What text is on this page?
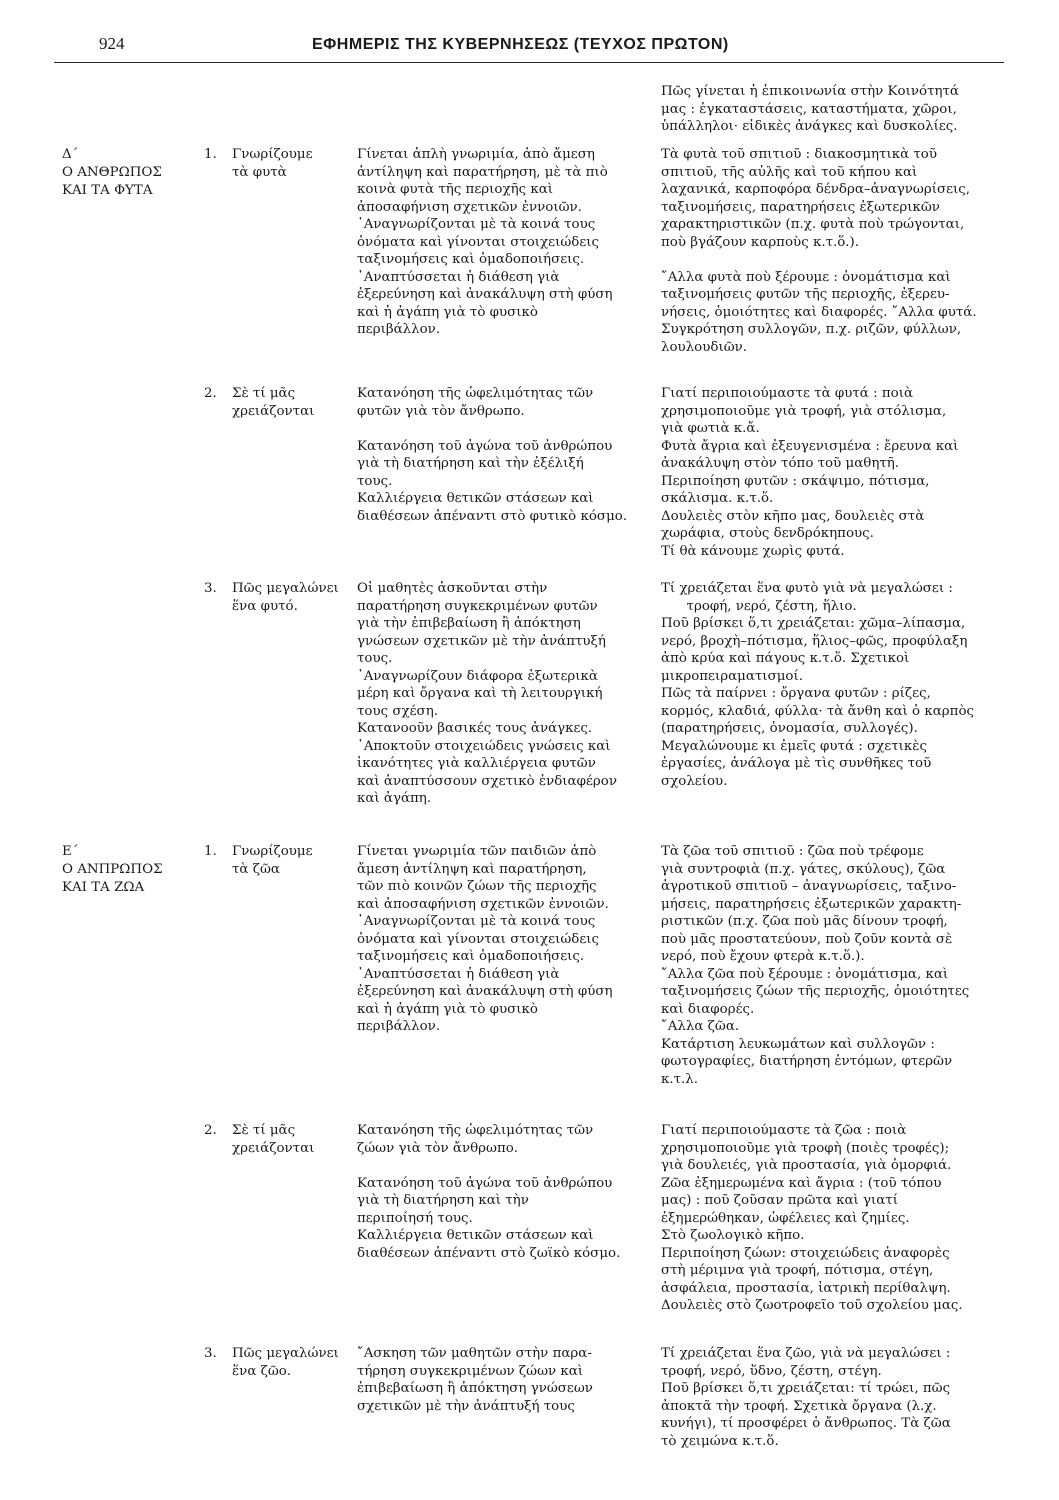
924	ΕΦΗΜΕΡΙΣ ΤΗΣ ΚΥΒΕΡΝΗΣΕΩΣ (ΤΕΥΧΟΣ ΠΡΩΤΟΝ)
Πῶς γίνεται ἡ ἐπικοινωνία στὴν Κοινότητά
μας : ἐγκαταστάσεις, καταστήματα, χῶροι,
ὑπάλληλοι· εἰδικὲς ἀνάγκες καὶ δυσκολίες.
Δ΄
Ο ΑΝΘΡΩΠΟΣ
ΚΑΙ ΤΑ ΦΥΤΑ
1. Γνωρίζουμε
τὰ φυτὰ
Γίνεται ἁπλὴ γνωριμία, ἀπὸ ἄμεση
ἀντίληψη καὶ παρατήρηση, μὲ τὰ πιὸ
κοινὰ φυτὰ τῆς περιοχῆς καὶ
ἀποσαφήνιση σχετικῶν ἐννοιῶν.
᾿Αναγνωρίζονται μὲ τὰ κοινά τους
ὀνόματα καὶ γίνονται στοιχειώδεις
ταξινομήσεις καὶ ὁμαδοποιήσεις.
᾿Αναπτύσσεται ἡ διάθεση γιὰ
ἐξερεύνηση καὶ ἀνακάλυψη στὴ φύση
καὶ ἡ ἀγάπη γιὰ τὸ φυσικὸ
περιβάλλον.
Τὰ φυτὰ τοῦ σπιτιοῦ : διακοσμητικὰ τοῦ
σπιτιοῦ, τῆς αὐλῆς καὶ τοῦ κήπου καὶ
λαχανικά, καρποφόρα δένδρα–ἀναγνωρίσεις,
ταξινομήσεις, παρατηρήσεις ἐξωτερικῶν
χαρακτηριστικῶν (π.χ. φυτὰ ποὺ τρώγονται,
ποὺ βγάζουν καρποὺς κ.τ.ὅ.).

῎Αλλα φυτὰ ποὺ ξέρουμε : ὀνομάτισμα καὶ
ταξινομήσεις φυτῶν τῆς περιοχῆς, ἐξερευ-
νήσεις, ὁμοιότητες καὶ διαφορές. ῎Αλλα φυτά.
Συγκρότηση συλλογῶν, π.χ. ριζῶν, φύλλων,
λουλουδιῶν.
2. Σὲ τί μᾶς
χρειάζονται
Κατανόηση τῆς ὠφελιμότητας τῶν
φυτῶν γιὰ τὸν ἄνθρωπο.

Κατανόηση τοῦ ἀγώνα τοῦ ἀνθρώπου
γιὰ τὴ διατήρηση καὶ τὴν ἐξέλιξή
τους.
Καλλιέργεια θετικῶν στάσεων καὶ
διαθέσεων ἀπέναντι στὸ φυτικὸ κόσμο.
Γιατί περιποιούμαστε τὰ φυτά : ποιὰ
χρησιμοποιοῦμε γιὰ τροφή, γιὰ στόλισμα,
γιὰ φωτιὰ κ.ἄ.
Φυτὰ ἄγρια καὶ ἐξευγενισμένα : ἔρευνα καὶ
ἀνακάλυψη στὸν τόπο τοῦ μαθητῆ.
Περιποίηση φυτῶν : σκάψιμο, πότισμα,
σκάλισμα. κ.τ.ὅ.
Δουλειὲς στὸν κῆπο μας, δουλειὲς στὰ
χωράφια, στοὺς δενδρόκηπους.
Τί θὰ κάνουμε χωρὶς φυτά.
3. Πῶς μεγαλώνει
ἕνα φυτό.
Οἱ μαθητὲς ἀσκοῦνται στὴν
παρατήρηση συγκεκριμένων φυτῶν
γιὰ τὴν ἐπιβεβαίωση ἢ ἀπόκτηση
γνώσεων σχετικῶν μὲ τὴν ἀνάπτυξή
τους.
᾿Αναγνωρίζουν διάφορα ἐξωτερικὰ
μέρη καὶ ὄργανα καὶ τὴ λειτουργική
τους σχέση.
Κατανοοῦν βασικές τους ἀνάγκες.
᾿Αποκτοῦν στοιχειώδεις γνώσεις καὶ
ἱκανότητες γιὰ καλλιέργεια φυτῶν
καὶ ἀναπτύσσουν σχετικὸ ἐνδιαφέρον
καὶ ἀγάπη.
Τί χρειάζεται ἕνα φυτὸ γιὰ νὰ μεγαλώσει :
τροφή, νερό, ζέστη, ἥλιο.
Ποῦ βρίσκει ὅ,τι χρειάζεται: χῶμα–λίπασμα,
νερό, βροχὴ–πότισμα, ἥλιος–φῶς, προφύλαξη
ἀπὸ κρύα καὶ πάγους κ.τ.ὅ. Σχετικοὶ
μικροπειραματισμοί.
Πῶς τὰ παίρνει : ὄργανα φυτῶν : ρίζες,
κορμός, κλαδιά, φύλλα· τὰ ἄνθη καὶ ὁ καρπὸς
(παρατηρήσεις, ὀνομασία, συλλογές).
Μεγαλώνουμε κι ἐμεῖς φυτά : σχετικὲς
ἐργασίες, ἀνάλογα μὲ τὶς συνθῆκες τοῦ
σχολείου.
Ε΄
Ο ΑΝΠΡΩΠΟΣ
ΚΑΙ ΤΑ ΖΩΑ
1. Γνωρίζουμε
τὰ ζῶα
Γίνεται γνωριμία τῶν παιδιῶν ἀπὸ
ἄμεση ἀντίληψη καὶ παρατήρηση,
τῶν πιὸ κοινῶν ζώων τῆς περιοχῆς
καὶ ἀποσαφήνιση σχετικῶν ἐννοιῶν.
᾿Αναγνωρίζονται μὲ τὰ κοινά τους
ὀνόματα καὶ γίνονται στοιχειώδεις
ταξινομήσεις καὶ ὁμαδοποιήσεις.
᾿Αναπτύσσεται ἡ διάθεση γιὰ
ἐξερεύνηση καὶ ἀνακάλυψη στὴ φύση
καὶ ἡ ἀγάπη γιὰ τὸ φυσικὸ
περιβάλλον.
Τὰ ζῶα τοῦ σπιτιοῦ : ζῶα ποὺ τρέφομε
γιὰ συντροφιὰ (π.χ. γάτες, σκύλους), ζῶα
ἀγροτικοῦ σπιτιοῦ – ἀναγνωρίσεις, ταξινο-
μήσεις, παρατηρήσεις ἐξωτερικῶν χαρακτη-
ριστικῶν (π.χ. ζῶα ποὺ μᾶς δίνουν τροφή,
ποὺ μᾶς προστατεύουν, ποὺ ζοῦν κοντὰ σὲ
νερό, ποὺ ἔχουν φτερὰ κ.τ.ὅ.).
῎Αλλα ζῶα ποὺ ξέρουμε : ὀνομάτισμα, καὶ
ταξινομήσεις ζώων τῆς περιοχῆς, ὁμοιότητες
καὶ διαφορές.
῎Αλλα ζῶα.
Κατάρτιση λευκωμάτων καὶ συλλογῶν :
φωτογραφίες, διατήρηση ἐντόμων, φτερῶν
κ.τ.λ.
2. Σὲ τί μᾶς
χρειάζονται
Κατανόηση τῆς ὠφελιμότητας τῶν
ζώων γιὰ τὸν ἄνθρωπο.

Κατανόηση τοῦ ἀγώνα τοῦ ἀνθρώπου
γιὰ τὴ διατήρηση καὶ τὴν
περιποίησή τους.
Καλλιέργεια θετικῶν στάσεων καὶ
διαθέσεων ἀπέναντι στὸ ζωϊκὸ κόσμο.
Γιατί περιποιούμαστε τὰ ζῶα : ποιὰ
χρησιμοποιοῦμε γιὰ τροφὴ (ποιὲς τροφές);
γιὰ δουλειές, γιὰ προστασία, γιὰ ὀμορφιά.
Ζῶα ἐξημερωμένα καὶ ἄγρια : (τοῦ τόπου
μας) : ποῦ ζοῦσαν πρῶτα καὶ γιατί
ἐξημερώθηκαν, ὠφέλειες καὶ ζημίες.
Στὸ ζωολογικὸ κῆπο.
Περιποίηση ζώων: στοιχειώδεις ἀναφορὲς
στὴ μέριμνα γιὰ τροφή, πότισμα, στέγη,
ἀσφάλεια, προστασία, ἰατρικὴ περίθαλψη.
Δουλειὲς στὸ ζωοτροφεῖο τοῦ σχολείου μας.
3. Πῶς μεγαλώνει
ἕνα ζῶο.
῎Ασκηση τῶν μαθητῶν στὴν παρα-
τήρηση συγκεκριμένων ζώων καὶ
ἐπιβεβαίωση ἢ ἀπόκτηση γνώσεων
σχετικῶν μὲ τὴν ἀνάπτυξή τους
Τί χρειάζεται ἕνα ζῶο, γιὰ νὰ μεγαλώσει :
τροφή, νερό, ὕδνο, ζέστη, στέγη.
Ποῦ βρίσκει ὅ,τι χρειάζεται: τί τρώει, πῶς
ἀποκτᾶ τὴν τροφή. Σχετικὰ ὄργανα (λ.χ.
κυνήγι), τί προσφέρει ὁ ἄνθρωπος. Τὰ ζῶα
τὸ χειμώνα κ.τ.ὅ.
